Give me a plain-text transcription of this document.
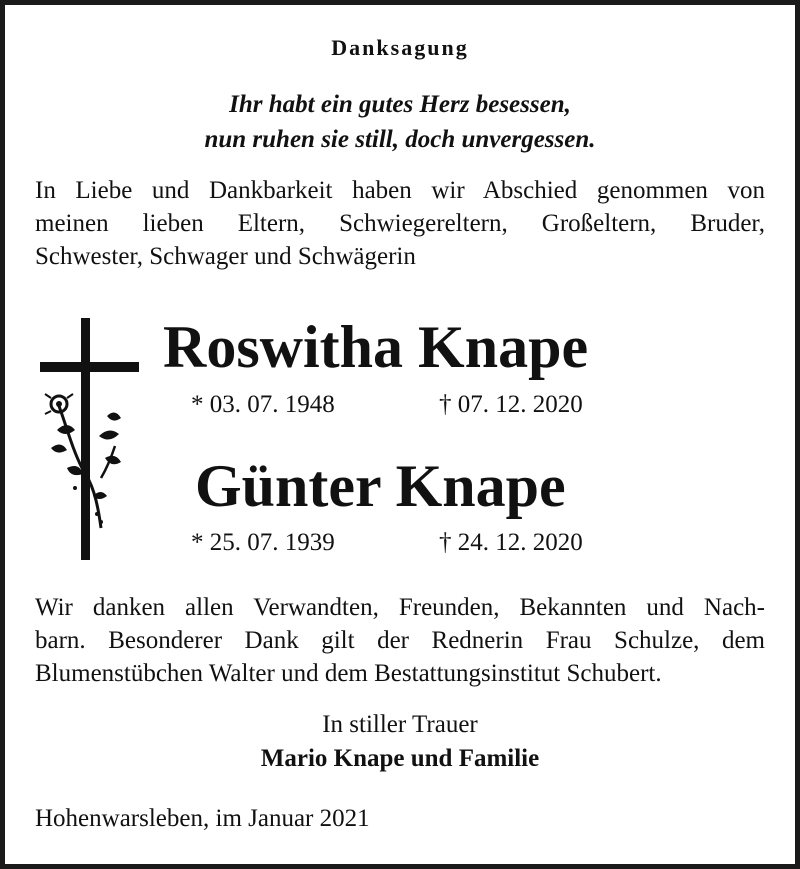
Danksagung

Ihr habt ein gutes Herz besessen,

nun ruhen sie still, doch unvergessen.

In Liebe und Dankbarkeit haben wir Abschied genommen von

meinen lieben Eltern, Schwiegereltern, Großeltern, Bruder,

Schwester, Schwager und Schwägerin

Roswitha Knape

* 03. 07. 1948	† 07. 12. 2020

Günter Knape

* 25. 07. 1939	† 24. 12. 2020

Wir danken allen Verwandten, Freunden, Bekannten und Nach-

barn. Besonderer Dank gilt der Rednerin Frau Schulze, dem

Blumenstübchen Walter und dem Bestattungsinstitut Schubert.

In stiller Trauer

Mario Knape und Familie

Hohenwarsleben, im Januar 2021
